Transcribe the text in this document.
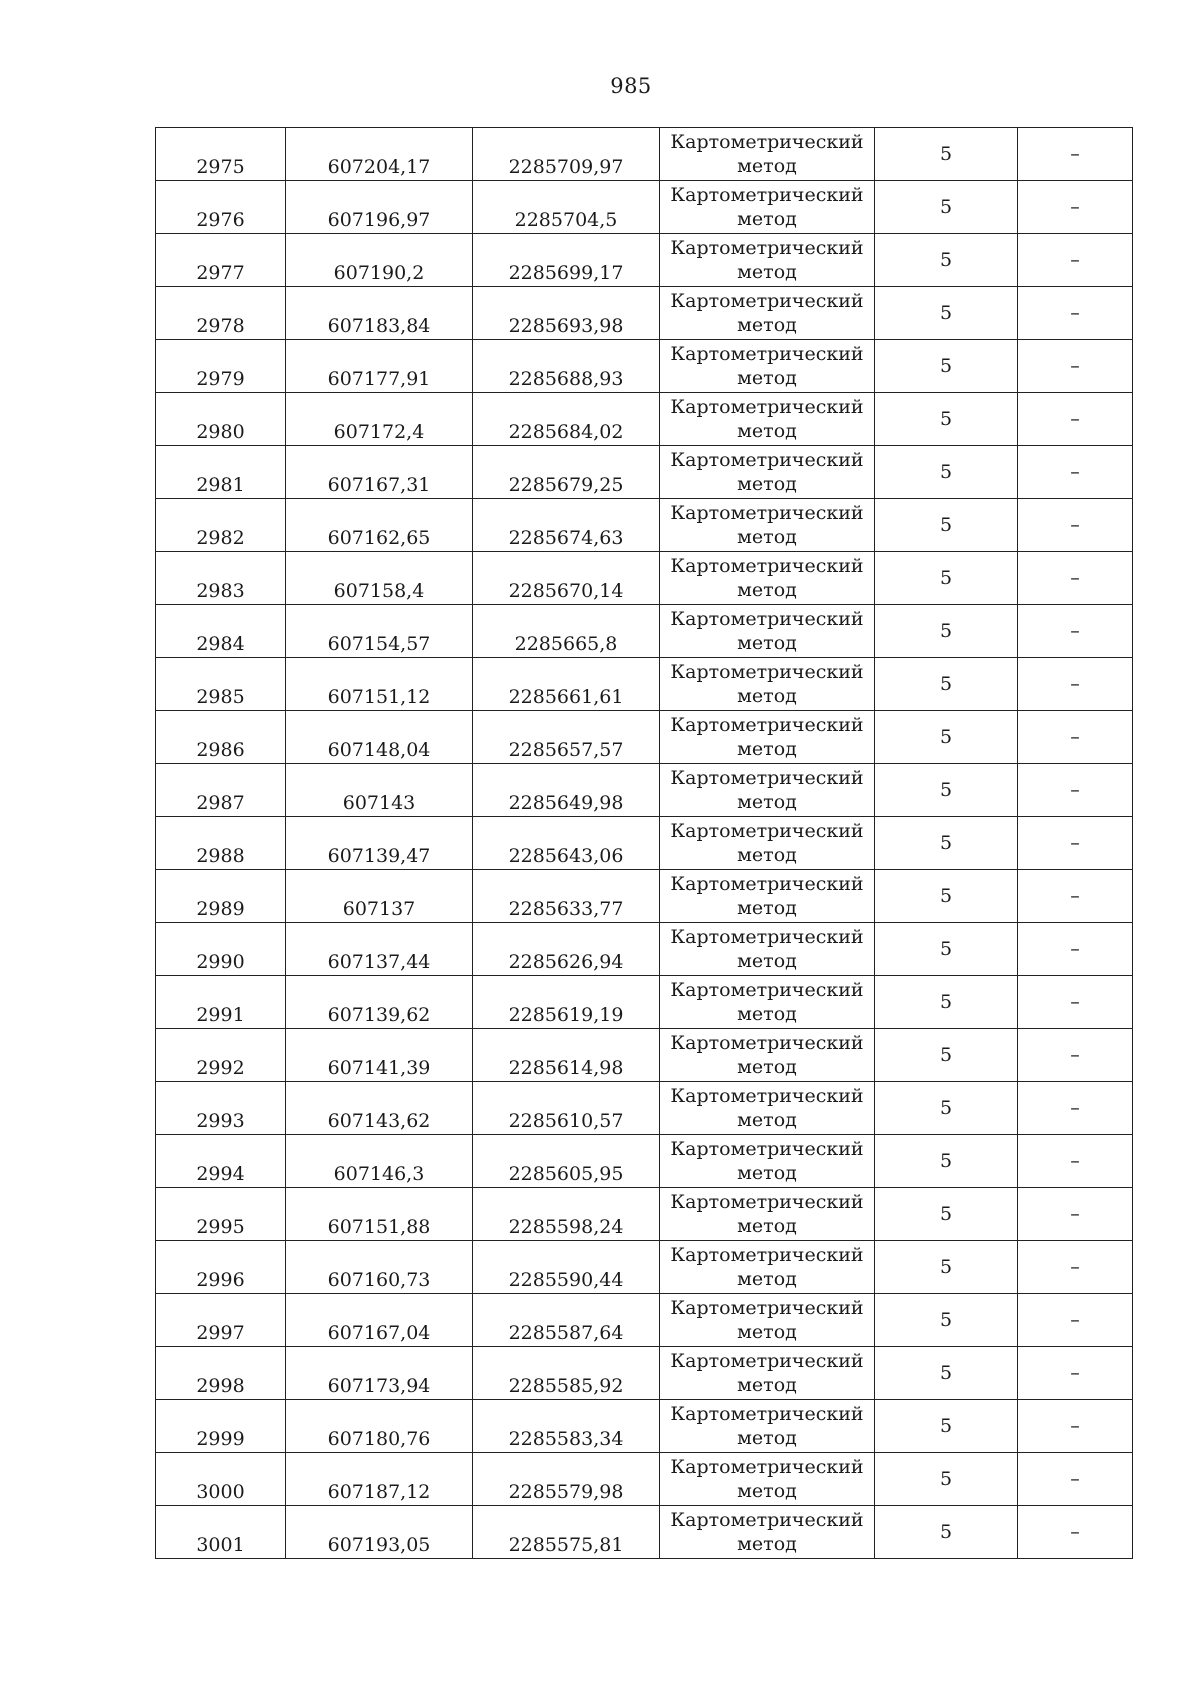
985
2975	607204,17	2285709,97	Картометрический метод	5	–
2976	607196,97	2285704,5	Картометрический метод	5	–
2977	607190,2	2285699,17	Картометрический метод	5	–
2978	607183,84	2285693,98	Картометрический метод	5	–
2979	607177,91	2285688,93	Картометрический метод	5	–
2980	607172,4	2285684,02	Картометрический метод	5	–
2981	607167,31	2285679,25	Картометрический метод	5	–
2982	607162,65	2285674,63	Картометрический метод	5	–
2983	607158,4	2285670,14	Картометрический метод	5	–
2984	607154,57	2285665,8	Картометрический метод	5	–
2985	607151,12	2285661,61	Картометрический метод	5	–
2986	607148,04	2285657,57	Картометрический метод	5	–
2987	607143	2285649,98	Картометрический метод	5	–
2988	607139,47	2285643,06	Картометрический метод	5	–
2989	607137	2285633,77	Картометрический метод	5	–
2990	607137,44	2285626,94	Картометрический метод	5	–
2991	607139,62	2285619,19	Картометрический метод	5	–
2992	607141,39	2285614,98	Картометрический метод	5	–
2993	607143,62	2285610,57	Картометрический метод	5	–
2994	607146,3	2285605,95	Картометрический метод	5	–
2995	607151,88	2285598,24	Картометрический метод	5	–
2996	607160,73	2285590,44	Картометрический метод	5	–
2997	607167,04	2285587,64	Картометрический метод	5	–
2998	607173,94	2285585,92	Картометрический метод	5	–
2999	607180,76	2285583,34	Картометрический метод	5	–
3000	607187,12	2285579,98	Картометрический метод	5	–
3001	607193,05	2285575,81	Картометрический метод	5	–
